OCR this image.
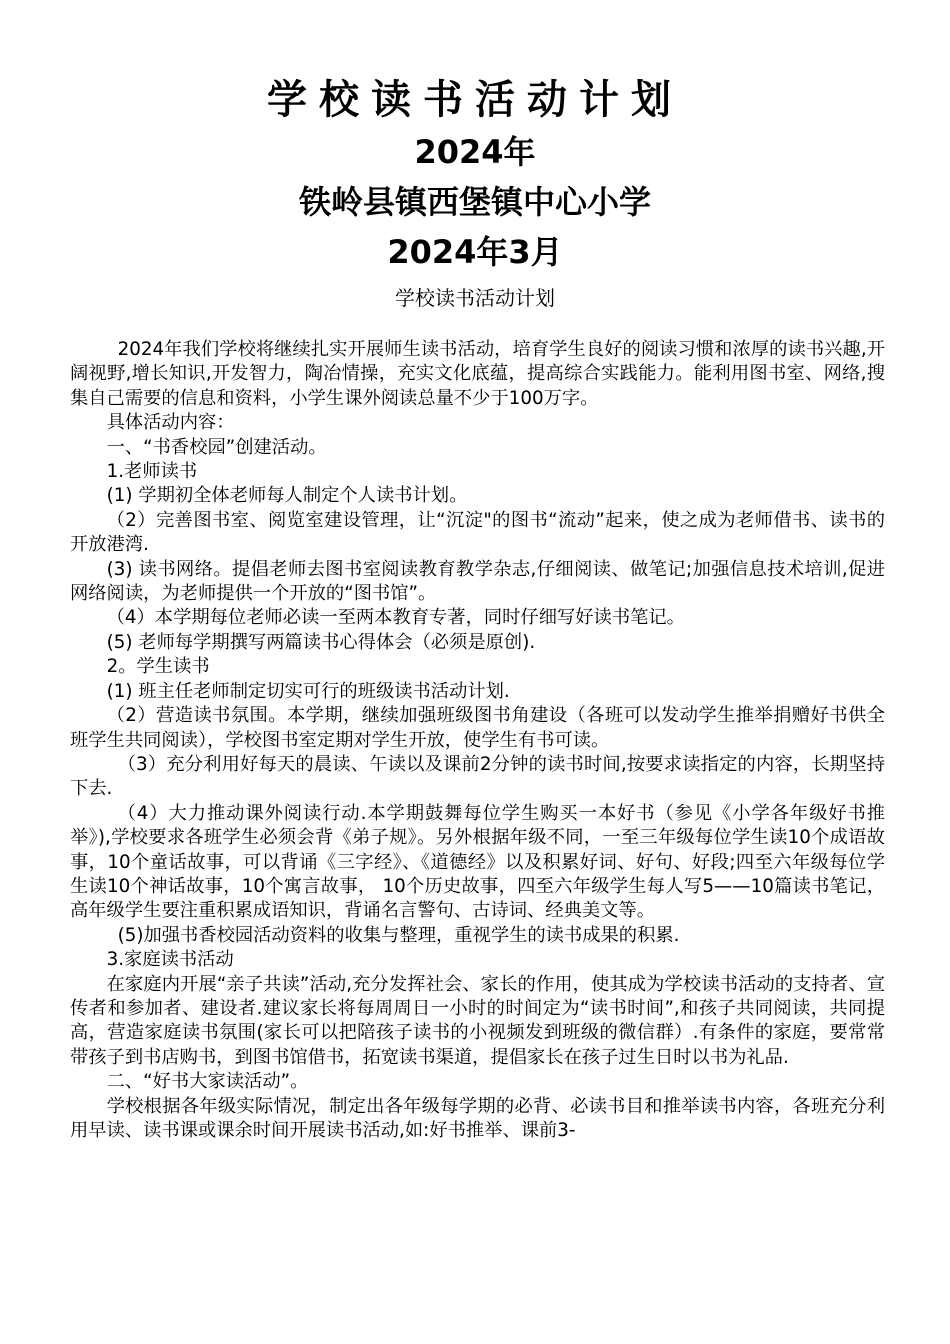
学校读书活动计划
2024年
铁岭县镇西堡镇中心小学
2024年3月
学校读书活动计划

2024年我们学校将继续扎实开展师生读书活动，培育学生良好的阅读习惯和浓厚的读书兴趣,开阔视野,增长知识,开发智力，陶冶情操，充实文化底蕴，提高综合实践能力。能利用图书室、网络,搜集自己需要的信息和资料，小学生课外阅读总量不少于100万字。

具体活动内容：

一、“书香校园”创建活动。

1.老师读书

(1) 学期初全体老师每人制定个人读书计划。

（2）完善图书室、阅览室建设管理，让“沉淀"的图书“流动”起来，使之成为老师借书、读书的开放港湾.

(3) 读书网络。提倡老师去图书室阅读教育教学杂志,仔细阅读、做笔记;加强信息技术培训,促进网络阅读，为老师提供一个开放的“图书馆”。

（4）本学期每位老师必读一至两本教育专著，同时仔细写好读书笔记。

(5) 老师每学期撰写两篇读书心得体会（必须是原创).

2。学生读书

(1) 班主任老师制定切实可行的班级读书活动计划.

（2）营造读书氛围。本学期，继续加强班级图书角建设（各班可以发动学生推举捐赠好书供全班学生共同阅读），学校图书室定期对学生开放，使学生有书可读。

（3）充分利用好每天的晨读、午读以及课前2分钟的读书时间,按要求读指定的内容，长期坚持下去.

（4）大力推动课外阅读行动.本学期鼓舞每位学生购买一本好书（参见《小学各年级好书推举》),学校要求各班学生必须会背《弟子规》。另外根据年级不同，一至三年级每位学生读10个成语故事，10个童话故事，可以背诵《三字经》、《道德经》以及积累好词、好句、好段;四至六年级每位学生读10个神话故事，10个寓言故事， 10个历史故事，四至六年级学生每人写5——10篇读书笔记，高年级学生要注重积累成语知识，背诵名言警句、古诗词、经典美文等。

(5)加强书香校园活动资料的收集与整理，重视学生的读书成果的积累.

3.家庭读书活动

在家庭内开展“亲子共读”活动,充分发挥社会、家长的作用，使其成为学校读书活动的支持者、宣传者和参加者、建设者.建议家长将每周周日一小时的时间定为“读书时间”,和孩子共同阅读，共同提高，营造家庭读书氛围(家长可以把陪孩子读书的小视频发到班级的微信群）.有条件的家庭，要常常带孩子到书店购书，到图书馆借书，拓宽读书渠道，提倡家长在孩子过生日时以书为礼品.

二、“好书大家读活动”。

学校根据各年级实际情况，制定出各年级每学期的必背、必读书目和推举读书内容，各班充分利用早读、读书课或课余时间开展读书活动,如:好书推举、课前3-
